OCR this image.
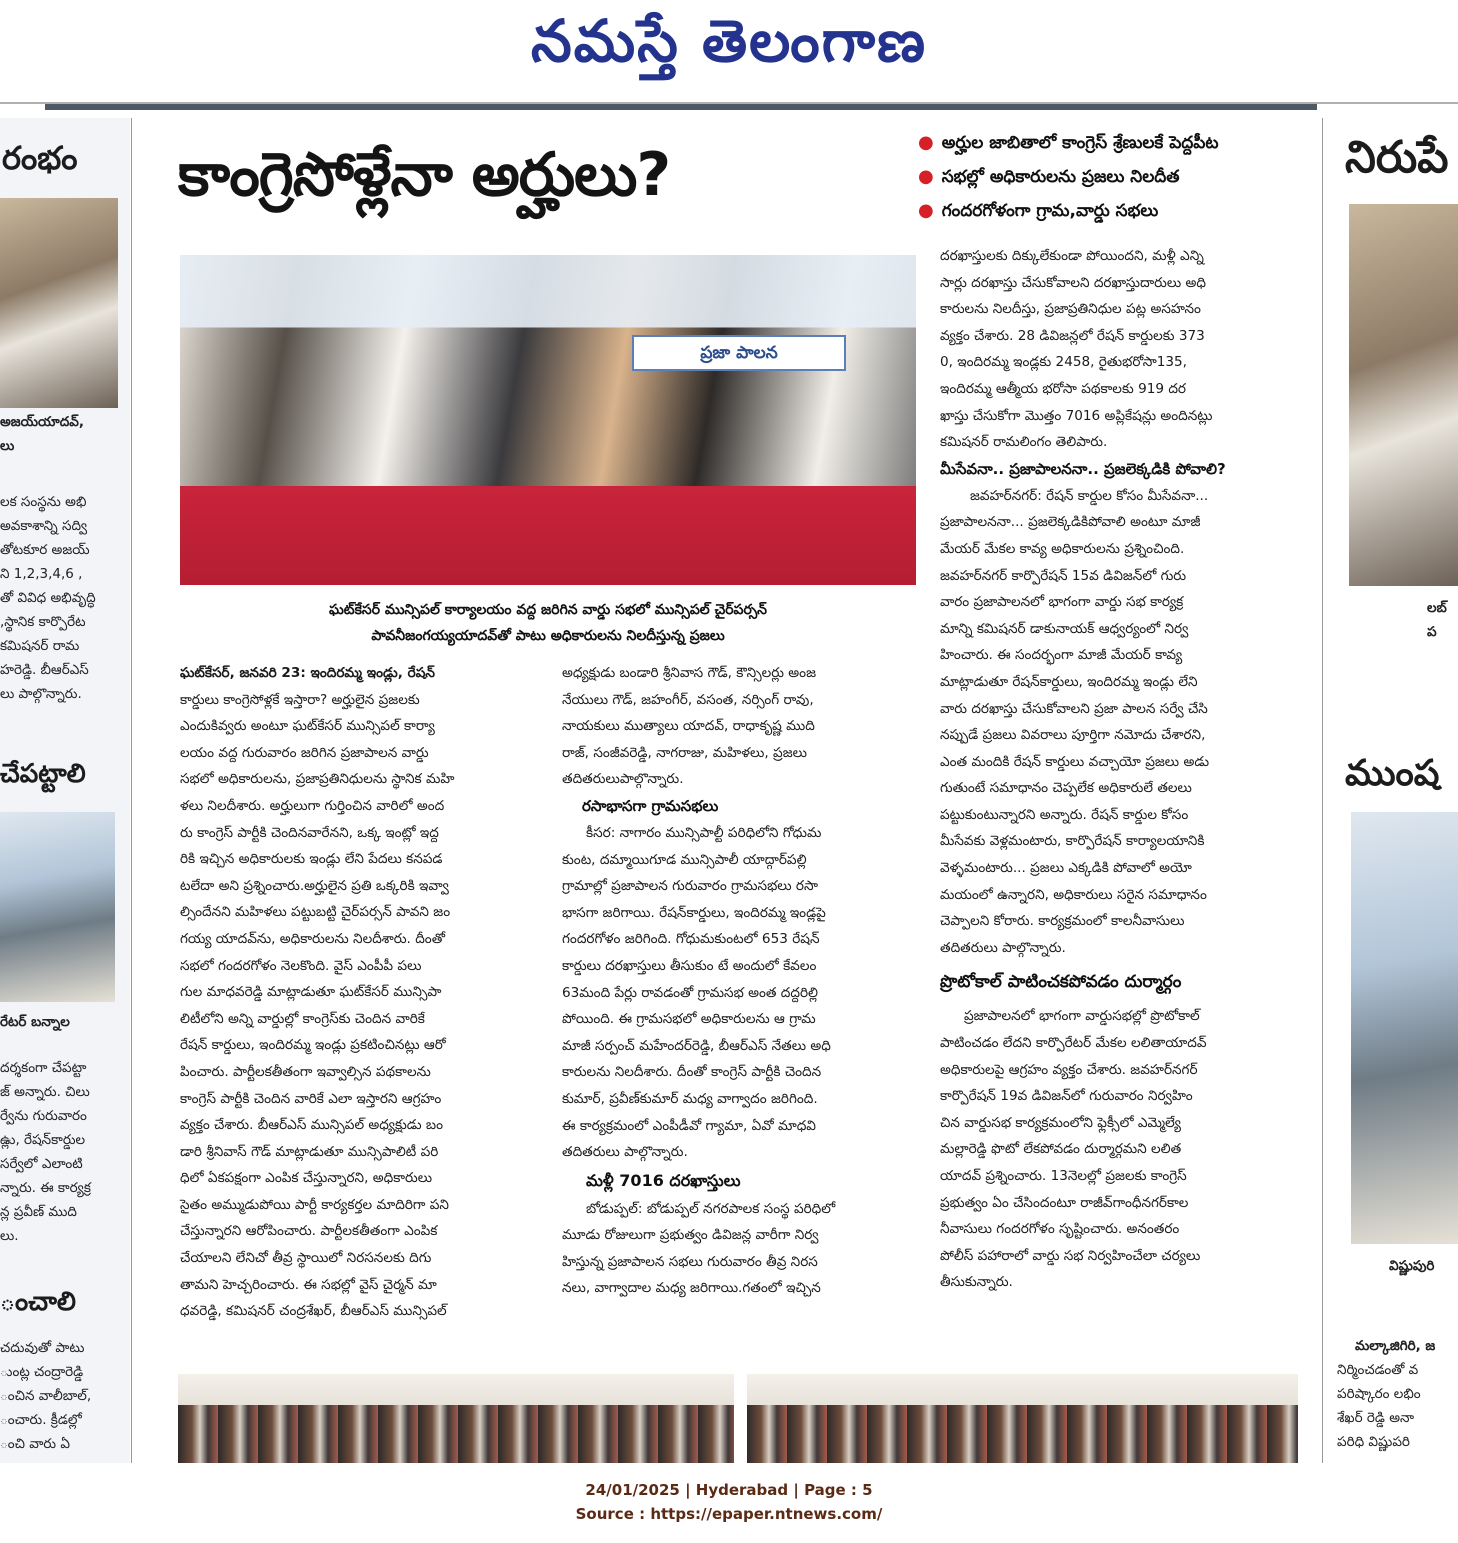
నమస్తే తెలంగాణ
రంభం
అజయ్‌యాదవ్,
లు
లక సంస్థను అభి
అవకాశాన్ని సద్వి
తోటకూర అజయ్
ని 1,2,3,4,6 ,
తో వివిధ అభివృద్ధి
,స్థానిక కార్పొరేట
కమిషనర్ రామ
హరెడ్డి. బీఆర్‌ఎస్
లు పాల్గొన్నారు.
చేపట్టాలి
రేటర్ బన్నాల
దర్శకంగా చేపట్టా
జ్ అన్నారు. చిలు
ర్వేను గురువారం
ఉ్లు, రేషన్‌కార్డుల
సర్వేలో ఎలాంటి
న్నారు. ఈ కార్యక్ర
న్ల ప్రవీణ్ ముది
లు.
ంచాలి
చదువుతో పాటు
ుంట్ల చంద్రారెడ్డి
ంచిన వాలీబాల్,
ంచారు. క్రీడల్లో
ంచి వారు ఏ
కాంగ్రెసోళ్లేనా అర్హులు?	● అర్హుల జాబితాలో కాంగ్రెస్ శ్రేణులకే పెద్దపీట
● సభల్లో అధికారులను ప్రజలు నిలదీత
● గందరగోళంగా గ్రామ,వార్డు సభలు
ప్రజా పాలన
ఘట్‌కేసర్ మున్సిపల్ కార్యాలయం వద్ద జరిగిన వార్డు సభలో మున్సిపల్ చైర్‌పర్సన్
పావనీజంగయ్యయాదవ్‌తో పాటు అధికారులను నిలదీస్తున్న ప్రజలు

ఘట్‌కేసర్, జనవరి 23: ఇందిరమ్మ ఇండ్లు, రేషన్

కార్డులు కాంగ్రెసోళ్లకే ఇస్తారా? అర్హులైన ప్రజలకు

ఎందుకివ్వరు అంటూ ఘట్‌కేసర్ మున్సిపల్ కార్యా

లయం వద్ద గురువారం జరిగిన ప్రజాపాలన వార్డు

సభలో అధికారులను, ప్రజాప్రతినిధులను స్థానిక మహి

ళలు నిలదీశారు. అర్హులుగా గుర్తించిన వారిలో అంద

రు కాంగ్రెస్ పార్టీకి చెందినవారేనని, ఒక్క ఇంట్లో ఇద్ద

రికి ఇచ్చిన అధికారులకు ఇండ్లు లేని పేదలు కనపడ

టలేదా అని ప్రశ్నించారు.అర్హులైన ప్రతి ఒక్కరికి ఇవ్వా

ల్సిందేనని మహిళలు పట్టుబట్టి చైర్‌పర్సన్ పావని జం

గయ్య యాదవ్‌ను, అధికారులను నిలదీశారు. దీంతో

సభలో గందరగోళం నెలకొంది. వైస్ ఎంపీపీ పలు

గుల మాధవరెడ్డి మాట్లాడుతూ ఘట్‌కేసర్ మున్సిపా

లిటీలోని అన్ని వార్డుల్లో కాంగ్రెస్‌కు చెందిన వారికే

రేషన్ కార్డులు, ఇందిరమ్మ ఇండ్లు ప్రకటించినట్లు ఆరో

పించారు. పార్టీలకతీతంగా ఇవ్వాల్సిన పథకాలను

కాంగ్రెస్ పార్టీకి చెందిన వారికే ఎలా ఇస్తారని ఆగ్రహం

వ్యక్తం చేశారు. బీఆర్‌ఎస్ మున్సిపల్ అధ్యక్షుడు బం

డారి శ్రీనివాస్ గౌడ్ మాట్లాడుతూ మున్సిపాలిటీ పరి

ధిలో ఏకపక్షంగా ఎంపిక చేస్తున్నారని, అధికారులు

సైతం అమ్ముడుపోయి పార్టీ కార్యకర్తల మాదిరిగా పని

చేస్తున్నారని ఆరోపించారు. పార్టీలకతీతంగా ఎంపిక

చేయాలని లేనిచో తీవ్ర స్థాయిలో నిరసనలకు దిగు

తామని హెచ్చరించారు. ఈ సభల్లో వైస్ చైర్మన్ మా

ధవరెడ్డి, కమిషనర్ చంద్రశేఖర్, బీఆర్‌ఎస్ మున్సిపల్

అధ్యక్షుడు బండారి శ్రీనివాస గౌడ్, కౌన్సిలర్లు అంజ

నేయులు గౌడ్, జహంగీర్, వసంత, నర్సింగ్ రావు,

నాయకులు ముత్యాలు యాదవ్, రాధాకృష్ణ ముది

రాజ్, సంజీవరెడ్డి, నాగరాజు, మహిళలు, ప్రజలు

తదితరులుపాల్గొన్నారు.

రసాభాసగా గ్రామసభలు

కీసర: నాగారం మున్సిపాల్టీ పరిధిలోని గోధుమ

కుంట, దమ్మాయిగూడ మున్సిపాలీ యాద్గార్‌పల్లి

గ్రామాల్లో ప్రజాపాలన గురువారం గ్రామసభలు రసా

భాసగా జరిగాయి. రేషన్‌కార్డులు, ఇందిరమ్మ ఇండ్లపై

గందరగోళం జరిగింది. గోధుమకుంటలో 653 రేషన్

కార్డులు దరఖాస్తులు తీసుకుం టే అందులో కేవలం

63మంది పేర్లు రావడంతో గ్రామసభ అంత దద్దరిల్లి

పోయింది. ఈ గ్రామసభలో అధికారులను ఆ గ్రామ

మాజీ సర్పంచ్ మహేందర్‌రెడ్డి, బీఆర్‌ఎస్ నేతలు అధి

కారులను నిలదీశారు. దీంతో కాంగ్రెస్ పార్టీకి చెందిన

కుమార్, ప్రవీణ్‌కుమార్ మధ్య వాగ్వాదం జరిగింది.

ఈ కార్యక్రమంలో ఎంపీడీవో గ్యామా, ఏవో మాధవి

తదితరులు పాల్గొన్నారు.

మళ్లీ 7016 దరఖాస్తులు

బోడుప్పల్: బోడుప్పల్ నగరపాలక సంస్థ పరిధిలో

మూడు రోజులుగా ప్రభుత్వం డివిజన్ల వారీగా నిర్వ

హిస్తున్న ప్రజాపాలన సభలు గురువారం తీవ్ర నిరస

నలు, వాగ్వాదాల మధ్య జరిగాయి.గతంలో ఇచ్చిన

దరఖాస్తులకు దిక్కులేకుండా పోయిందని, మళ్లీ ఎన్ని

సార్లు దరఖాస్తు చేసుకోవాలని దరఖాస్తుదారులు అధి

కారులను నిలదీస్తు, ప్రజాప్రతినిధుల పట్ల అసహనం

వ్యక్తం చేశారు. 28 డివిజన్లలో రేషన్ కార్డులకు 373

0, ఇందిరమ్మ ఇండ్లకు 2458, రైతుభరోసా135,

ఇందిరమ్మ ఆత్మీయ భరోసా పథకాలకు 919 దర

ఖాస్తు చేసుకోగా మొత్తం 7016 అప్లికేషన్లు అందినట్లు

కమిషనర్ రామలింగం తెలిపారు.

మీసేవనా.. ప్రజాపాలననా.. ప్రజలెక్కడికి పోవాలి?

జవహర్‌నగర్: రేషన్ కార్డుల కోసం మీసేవనా...

ప్రజాపాలననా... ప్రజలెక్కడికిపోవాలి అంటూ మాజీ

మేయర్ మేకల కావ్య అధికారులను ప్రశ్నించింది.

జవహర్‌నగర్ కార్పొరేషన్ 15వ డివిజన్‌లో గురు

వారం ప్రజాపాలనలో భాగంగా వార్డు సభ కార్యక్ర

మాన్ని కమిషనర్ డాకునాయక్ ఆధ్వర్యంలో నిర్వ

హించారు. ఈ సందర్భంగా మాజీ మేయర్ కావ్య

మాట్లాడుతూ రేషన్‌కార్డులు, ఇందిరమ్మ ఇండ్లు లేని

వారు దరఖాస్తు చేసుకోవాలని ప్రజా పాలన సర్వే చేసి

నప్పుడే ప్రజలు వివరాలు పూర్తిగా నమోదు చేశారని,

ఎంత మందికి రేషన్ కార్డులు వచ్చాయో ప్రజలు అడు

గుతుంటే సమాధానం చెప్పలేక అధికారులే తలలు

పట్టుకుంటున్నారని అన్నారు. రేషన్ కార్డుల కోసం

మీసేవకు వెళ్లమంటారు, కార్పొరేషన్ కార్యాలయానికి

వెళ్ళమంటారు... ప్రజలు ఎక్కడికి పోవాలో అయో

మయంలో ఉన్నారని, అధికారులు సరైన సమాధానం

చెప్పాలని కోరారు. కార్యక్రమంలో కాలనీవాసులు

తదితరులు పాల్గొన్నారు.

ప్రొటోకాల్ పాటించకపోవడం దుర్మార్గం

ప్రజాపాలనలో భాగంగా వార్డుసభల్లో ప్రొటోకాల్

పాటించడం లేదని కార్పొరేటర్ మేకల లలితాయాదవ్

అధికారులపై ఆగ్రహం వ్యక్తం చేశారు. జవహర్‌నగర్

కార్పొరేషన్ 19వ డివిజన్‌లో గురువారం నిర్వహిం

చిన వార్డుసభ కార్యక్రమంలోని ఫ్లెక్సీలో ఎమ్మెల్యే

మల్లారెడ్డి ఫొటో లేకపోవడం దుర్మార్గమని లలిత

యాదవ్ ప్రశ్నించారు. 13నెలల్లో ప్రజలకు కాంగ్రెస్

ప్రభుత్వం ఏం చేసిందంటూ రాజీవ్‌గాంధీనగర్‌కాల

నీవాసులు గందరగోళం సృష్టించారు. అనంతరం

పోలీస్ పహారాలో వార్డు సభ నిర్వహించేలా చర్యలు

తీసుకున్నారు.

నిరుపే
లబ్
ప
ముంష
విష్ణుపురి
మల్కాజిగిరి, జ
నిర్మించడంతో వ
పరిష్కారం లభిం
శేఖర్ రెడ్డి అనా
పరిధి విష్ణుపరి
24/01/2025 | Hyderabad | Page : 5
Source : https://epaper.ntnews.com/
